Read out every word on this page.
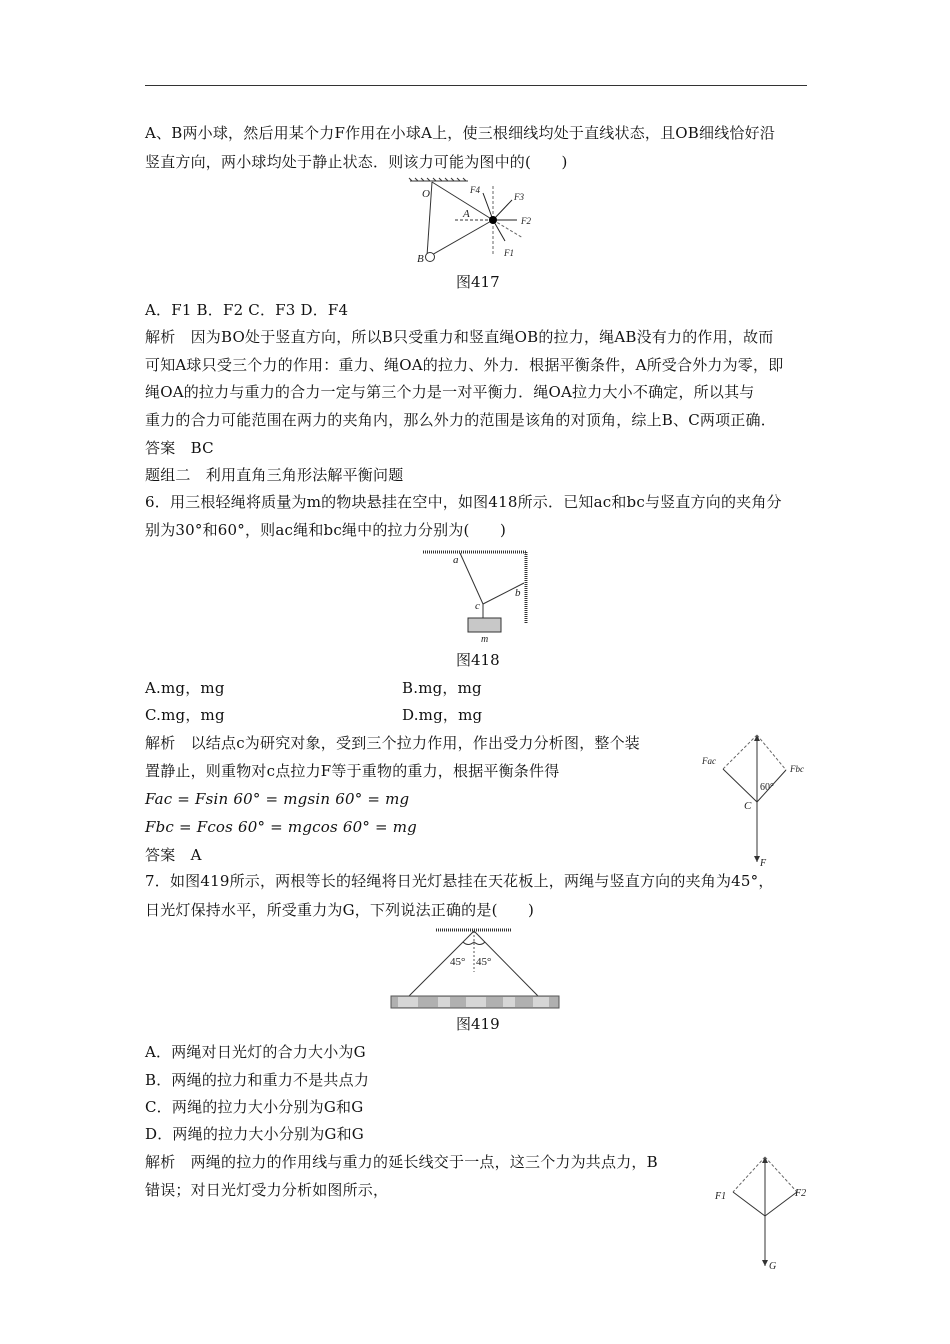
A、B两小球，然后用某个力F作用在小球A上，使三根细线均处于直线状态，且OB细线恰好沿
竖直方向，两小球均处于静止状态．则该力可能为图中的(　　)
O
A
B
F4
F3
F2
F1
图417
A．F1 B．F2 C．F3 D．F4
解析　因为BO处于竖直方向，所以B只受重力和竖直绳OB的拉力，绳AB没有力的作用，故而
可知A球只受三个力的作用：重力、绳OA的拉力、外力．根据平衡条件，A所受合外力为零，即
绳OA的拉力与重力的合力一定与第三个力是一对平衡力．绳OA拉力大小不确定，所以其与
重力的合力可能范围在两力的夹角内，那么外力的范围是该角的对顶角，综上B、C两项正确．
答案　BC
题组二　利用直角三角形法解平衡问题
6．用三根轻绳将质量为m的物块悬挂在空中，如图418所示．已知ac和bc与竖直方向的夹角分
别为30°和60°，则ac绳和bc绳中的拉力分别为(　　)
a
b
c
m
图418
A.mg，mg	B.mg，mg
C.mg，mg	D.mg，mg
解析　以结点c为研究对象，受到三个拉力作用，作出受力分析图，整个装
置静止，则重物对c点拉力F等于重物的重力，根据平衡条件得
Fac = Fsin 60° = mgsin 60° = mg
Fbc = Fcos 60° = mgcos 60° = mg
答案　A
Fac
Fbc
60°
C
F
7．如图419所示，两根等长的轻绳将日光灯悬挂在天花板上，两绳与竖直方向的夹角为45°，
日光灯保持水平，所受重力为G，下列说法正确的是(　　)
45° 45°
图419
A．两绳对日光灯的合力大小为G
B．两绳的拉力和重力不是共点力
C．两绳的拉力大小分别为G和G
D．两绳的拉力大小分别为G和G
解析　两绳的拉力的作用线与重力的延长线交于一点，这三个力为共点力，B
错误；对日光灯受力分析如图所示，	F1	F2
G
